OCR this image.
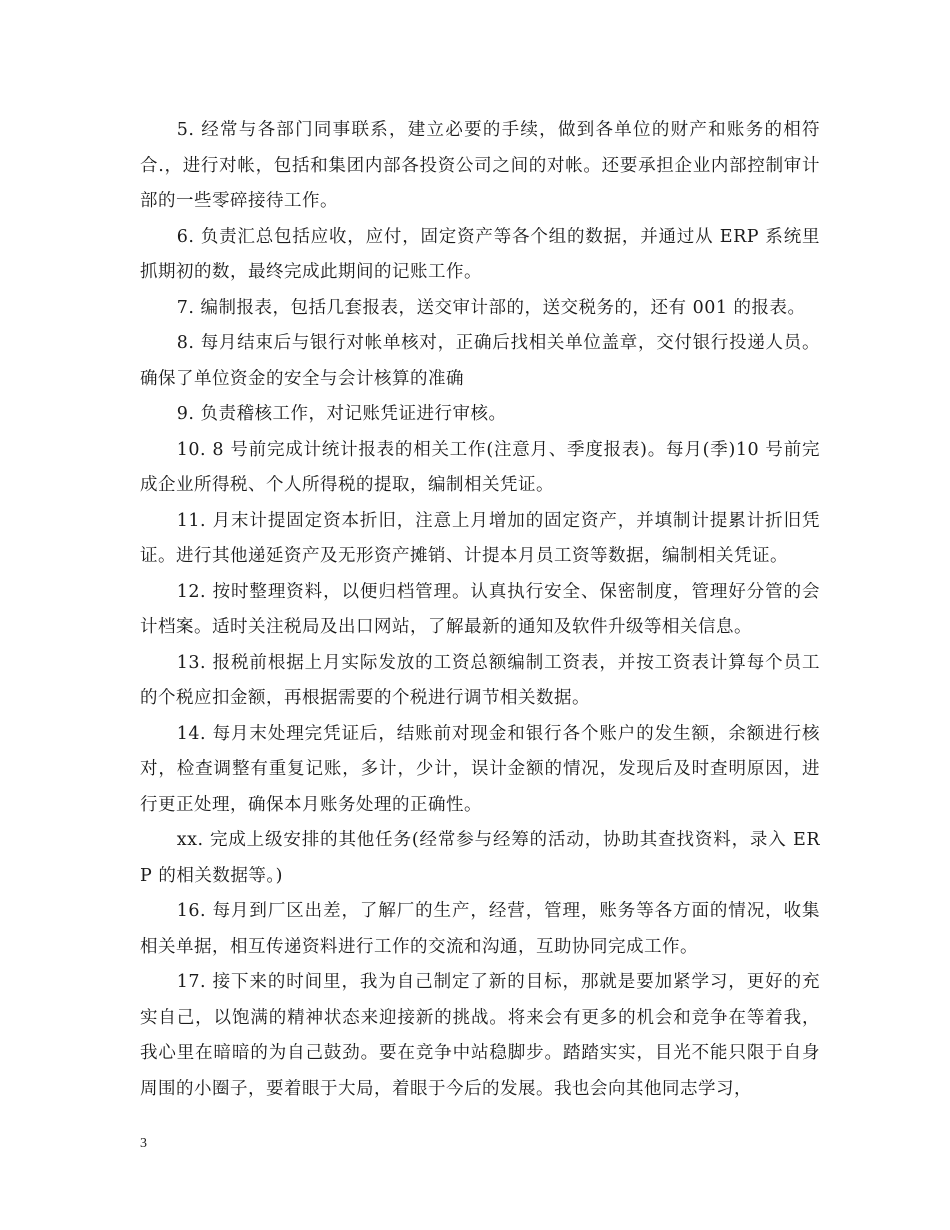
5. 经常与各部门同事联系，建立必要的手续，做到各单位的财产和账务的相符合.，进行对帐，包括和集团内部各投资公司之间的对帐。还要承担企业内部控制审计部的一些零碎接待工作。

6. 负责汇总包括应收，应付，固定资产等各个组的数据，并通过从 ERP 系统里抓期初的数，最终完成此期间的记账工作。

7. 编制报表，包括几套报表，送交审计部的，送交税务的，还有 001 的报表。

8. 每月结束后与银行对帐单核对，正确后找相关单位盖章，交付银行投递人员。确保了单位资金的安全与会计核算的准确

9. 负责稽核工作，对记账凭证进行审核。

10. 8 号前完成计统计报表的相关工作(注意月、季度报表)。每月(季)10 号前完成企业所得税、个人所得税的提取，编制相关凭证。

11. 月末计提固定资本折旧，注意上月增加的固定资产，并填制计提累计折旧凭证。进行其他递延资产及无形资产摊销、计提本月员工资等数据，编制相关凭证。

12. 按时整理资料，以便归档管理。认真执行安全、保密制度，管理好分管的会计档案。适时关注税局及出口网站，了解最新的通知及软件升级等相关信息。

13. 报税前根据上月实际发放的工资总额编制工资表，并按工资表计算每个员工的个税应扣金额，再根据需要的个税进行调节相关数据。

14. 每月末处理完凭证后，结账前对现金和银行各个账户的发生额，余额进行核对，检查调整有重复记账，多计，少计，误计金额的情况，发现后及时查明原因，进行更正处理，确保本月账务处理的正确性。

xx. 完成上级安排的其他任务(经常参与经筹的活动，协助其查找资料，录入 ERP 的相关数据等。)

16. 每月到厂区出差，了解厂的生产，经营，管理，账务等各方面的情况，收集相关单据，相互传递资料进行工作的交流和沟通，互助协同完成工作。

17. 接下来的时间里，我为自己制定了新的目标，那就是要加紧学习，更好的充实自己，以饱满的精神状态来迎接新的挑战。将来会有更多的机会和竞争在等着我，我心里在暗暗的为自己鼓劲。要在竞争中站稳脚步。踏踏实实，目光不能只限于自身周围的小圈子，要着眼于大局，着眼于今后的发展。我也会向其他同志学习，

3
